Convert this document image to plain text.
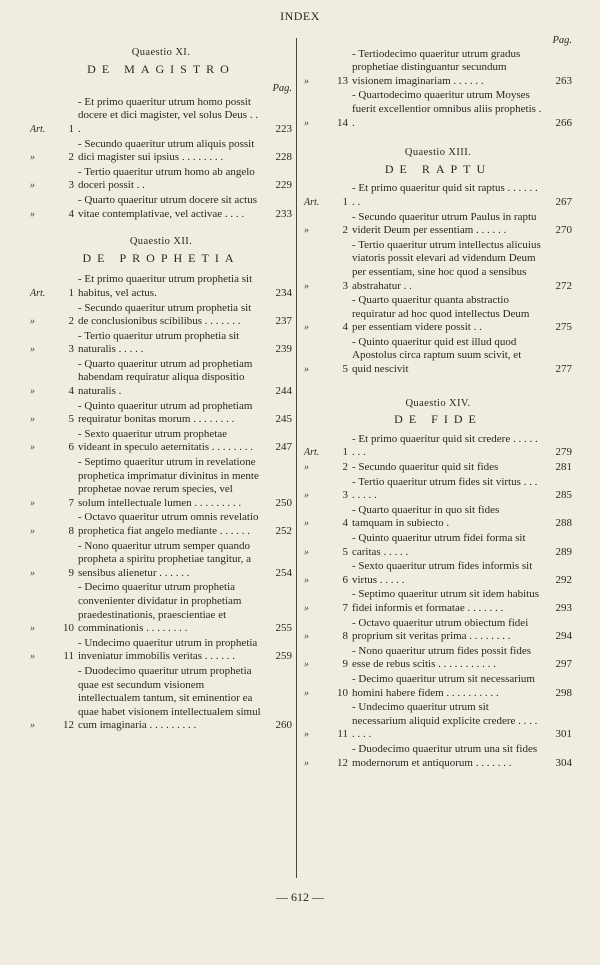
INDEX
Quaestio XI.
DE MAGISTRO
Pag.
Art.	1
- Et primo quaeritur utrum homo possit docere et dici magister, vel solus Deus . . .	223
»	2
- Secundo quaeritur utrum aliquis possit dici magister sui ipsius . . . . . . . .	228
»	3
- Tertio quaeritur utrum homo ab angelo doceri possit . .	229
»	4
- Quarto quaeritur utrum docere sit actus vitae contemplativae, vel activae . . . .	233
Quaestio XII.
DE PROPHETIA
Art.	1
- Et primo quaeritur utrum prophetia sit habitus, vel actus.	234
»	2
- Secundo quaeritur utrum prophetia sit de conclusionibus scibilibus . . . . . . .	237
»	3
- Tertio quaeritur utrum prophetia sit naturalis . . . . .	239
»	4
- Quarto quaeritur utrum ad prophetiam habendam requiratur aliqua dispositio naturalis .	244
»	5
- Quinto quaeritur utrum ad prophetiam requiratur bonitas morum . . . . . . . .	245
»	6
- Sexto quaeritur utrum prophetae videant in speculo aeternitatis . . . . . . . .	247
»	7
- Septimo quaeritur utrum in revelatione prophetica imprimatur divinitus in mente prophetae novae rerum species, vel solum intellectuale lumen . . . . . . . . .	250
»	8
- Octavo quaeritur utrum omnis revelatio prophetica fiat angelo mediante . . . . . .	252
»	9
- Nono quaeritur utrum semper quando propheta a spiritu prophetiae tangitur, a sensibus alienetur . . . . . .	254
»	10
- Decimo quaeritur utrum prophetia convenienter dividatur in prophetiam praedestinationis, praescientiae et comminationis . . . . . . . .	255
»	11
- Undecimo quaeritur utrum in prophetia inveniatur immobilis veritas . . . . . .	259
»	12
- Duodecimo quaeritur utrum prophetia quae est secundum visionem intellectualem tantum, sit eminentior ea quae habet visionem intellectualem simul cum imaginaria . . . . . . . . .	260
Pag.
»	13
- Tertiodecimo quaeritur utrum gradus prophetiae distinguantur secundum visionem imaginariam . . . . . .	263
»	14
- Quartodecimo quaeritur utrum Moyses fuerit excellentior omnibus aliis prophetis . .	266
Quaestio XIII.
DE RAPTU
Art.	1
- Et primo quaeritur quid sit raptus . . . . . . . .	267
»	2
- Secundo quaeritur utrum Paulus in raptu viderit Deum per essentiam . . . . . .	270
»	3
- Tertio quaeritur utrum intellectus alicuius viatoris possit elevari ad videndum Deum per essentiam, sine hoc quod a sensibus abstrahatur . .	272
»	4
- Quarto quaeritur quanta abstractio requiratur ad hoc quod intellectus Deum per essentiam videre possit . .	275
»	5
- Quinto quaeritur quid est illud quod Apostolus circa raptum suum scivit, et quid nescivit	277
Quaestio XIV.
DE FIDE
Art.	1
- Et primo quaeritur quid sit credere . . . . . . . .	279
»	2 - Secundo quaeritur quid sit fides	281
»	3
- Tertio quaeritur utrum fides sit virtus . . . . . . . .	285
»	4
- Quarto quaeritur in quo sit fides tamquam in subiecto .	288
»	5
- Quinto quaeritur utrum fidei forma sit caritas . . . . .	289
»	6
- Sexto quaeritur utrum fides informis sit virtus . . . . .	292
»	7
- Septimo quaeritur utrum sit idem habitus fidei informis et formatae . . . . . . .	293
»	8
- Octavo quaeritur utrum obiectum fidei proprium sit veritas prima . . . . . . . .	294
»	9
- Nono quaeritur utrum fides possit fides esse de rebus scitis . . . . . . . . . . .	297
»	10
- Decimo quaeritur utrum sit necessarium homini habere fidem . . . . . . . . . .	298
»	11
- Undecimo quaeritur utrum sit necessarium aliquid explicite credere . . . . . . . .	301
»	12
- Duodecimo quaeritur utrum una sit fides modernorum et antiquorum . . . . . . .	304
— 612 —
